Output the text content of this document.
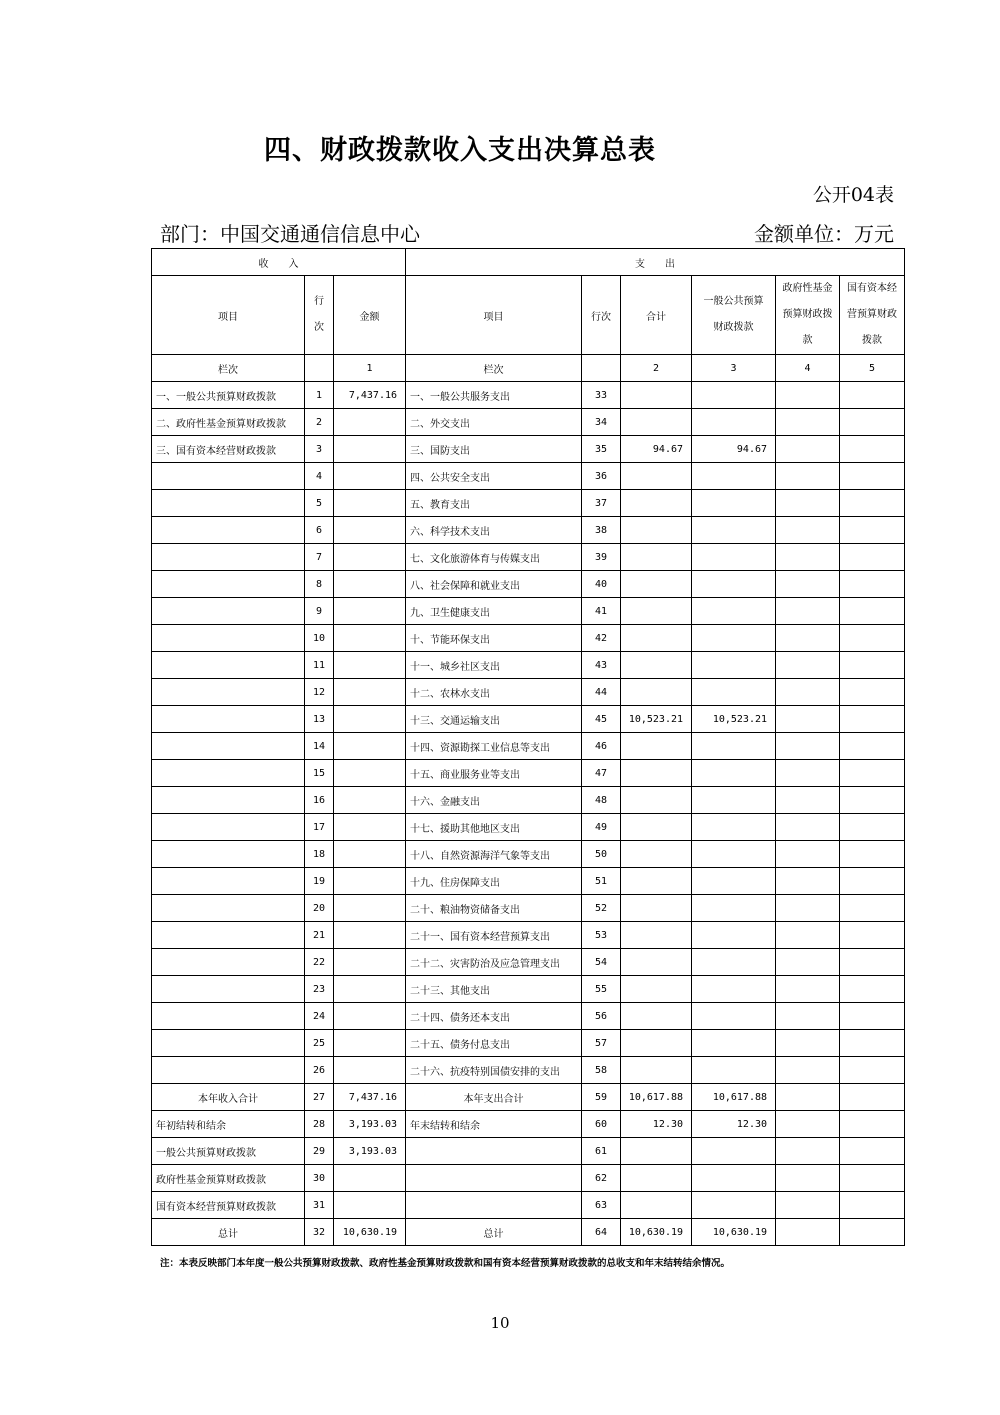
四、财政拨款收入支出决算总表
公开04表
部门：中国交通通信信息中心	金额单位：万元
收　　入			支　　出					
项目	行次	金额	项目	行次	合计	一般公共预算财政拨款	政府性基金预算财政拨款	国有资本经营预算财政拨款
栏次		1	栏次		2	3	4	5
一、一般公共预算财政拨款	1	7,437.16	一、一般公共服务支出	33				
二、政府性基金预算财政拨款	2		二、外交支出	34				
三、国有资本经营财政拨款	3		三、国防支出	35	94.67	94.67		
	4		四、公共安全支出	36				
	5		五、教育支出	37				
	6		六、科学技术支出	38				
	7		七、文化旅游体育与传媒支出	39				
	8		八、社会保障和就业支出	40				
	9		九、卫生健康支出	41				
	10		十、节能环保支出	42				
	11		十一、城乡社区支出	43				
	12		十二、农林水支出	44				
	13		十三、交通运输支出	45	10,523.21	10,523.21		
	14		十四、资源勘探工业信息等支出	46				
	15		十五、商业服务业等支出	47				
	16		十六、金融支出	48				
	17		十七、援助其他地区支出	49				
	18		十八、自然资源海洋气象等支出	50				
	19		十九、住房保障支出	51				
	20		二十、粮油物资储备支出	52				
	21		二十一、国有资本经营预算支出	53				
	22		二十二、灾害防治及应急管理支出	54				
	23		二十三、其他支出	55				
	24		二十四、债务还本支出	56				
	25		二十五、债务付息支出	57				
	26		二十六、抗疫特别国债安排的支出	58				
本年收入合计	27	7,437.16	本年支出合计	59	10,617.88	10,617.88		
年初结转和结余	28	3,193.03	年末结转和结余	60	12.30	12.30		
一般公共预算财政拨款	29	3,193.03		61				
政府性基金预算财政拨款	30			62				
国有资本经营预算财政拨款	31			63				
总计	32	10,630.19	总计	64	10,630.19	10,630.19		
注：本表反映部门本年度一般公共预算财政拨款、政府性基金预算财政拨款和国有资本经营预算财政拨款的总收支和年末结转结余情况。
10
